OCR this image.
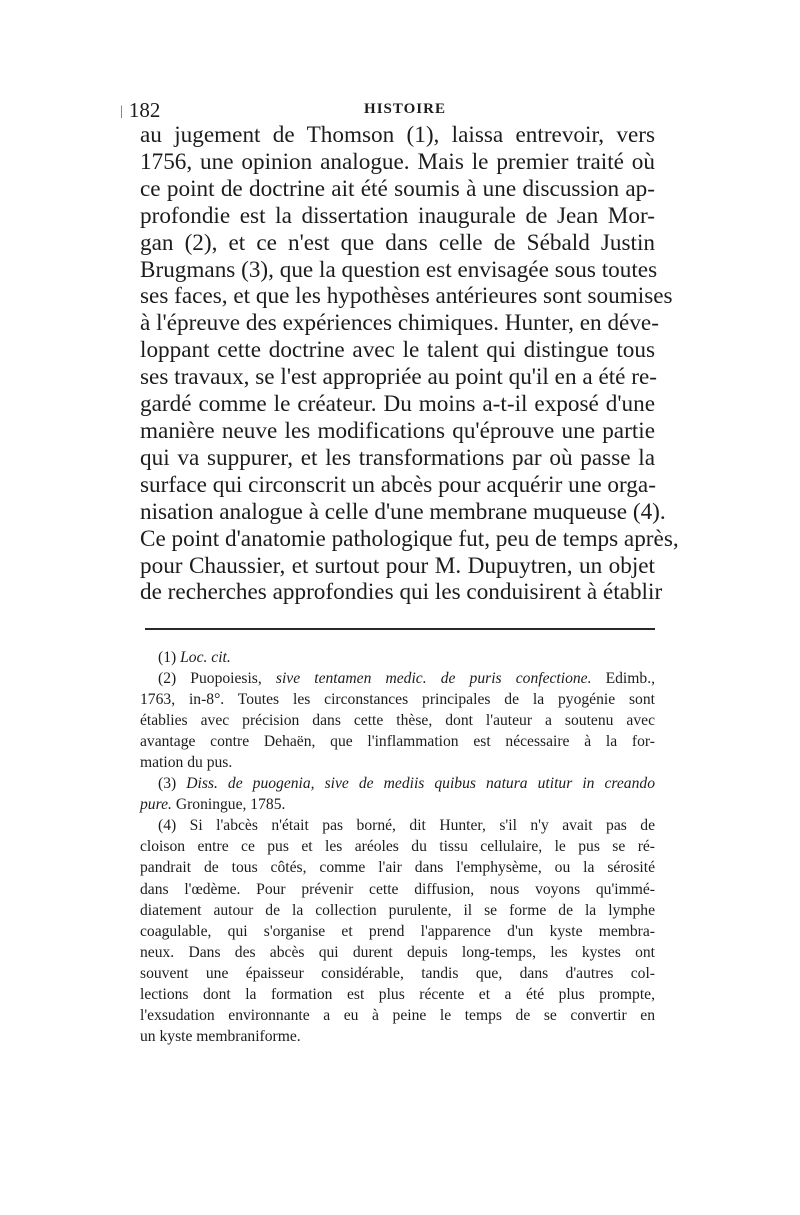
| 182	HISTOIRE
au jugement de Thomson (1), laissa entrevoir, vers
1756, une opinion analogue. Mais le premier traité où
ce point de doctrine ait été soumis à une discussion ap-
profondie est la dissertation inaugurale de Jean Mor-
gan (2), et ce n'est que dans celle de Sébald Justin
Brugmans (3), que la question est envisagée sous toutes
ses faces, et que les hypothèses antérieures sont soumises
à l'épreuve des expériences chimiques. Hunter, en déve-
loppant cette doctrine avec le talent qui distingue tous
ses travaux, se l'est appropriée au point qu'il en a été re-
gardé comme le créateur. Du moins a-t-il exposé d'une
manière neuve les modifications qu'éprouve une partie
qui va suppurer, et les transformations par où passe la
surface qui circonscrit un abcès pour acquérir une orga-
nisation analogue à celle d'une membrane muqueuse (4).
Ce point d'anatomie pathologique fut, peu de temps après,
pour Chaussier, et surtout pour M. Dupuytren, un objet
de recherches approfondies qui les conduisirent à établir
(1) Loc. cit.
(2) Puopoiesis, sive tentamen medic. de puris confectione. Edimb.,
1763, in-8°. Toutes les circonstances principales de la pyogénie sont
établies avec précision dans cette thèse, dont l'auteur a soutenu avec
avantage contre Dehaën, que l'inflammation est nécessaire à la for-
mation du pus.
(3) Diss. de puogenia, sive de mediis quibus natura utitur in creando
pure. Groningue, 1785.
(4) Si l'abcès n'était pas borné, dit Hunter, s'il n'y avait pas de
cloison entre ce pus et les aréoles du tissu cellulaire, le pus se ré-
pandrait de tous côtés, comme l'air dans l'emphysème, ou la sérosité
dans l'œdème. Pour prévenir cette diffusion, nous voyons qu'immé-
diatement autour de la collection purulente, il se forme de la lymphe
coagulable, qui s'organise et prend l'apparence d'un kyste membra-
neux. Dans des abcès qui durent depuis long-temps, les kystes ont
souvent une épaisseur considérable, tandis que, dans d'autres col-
lections dont la formation est plus récente et a été plus prompte,
l'exsudation environnante a eu à peine le temps de se convertir en
un kyste membraniforme.
